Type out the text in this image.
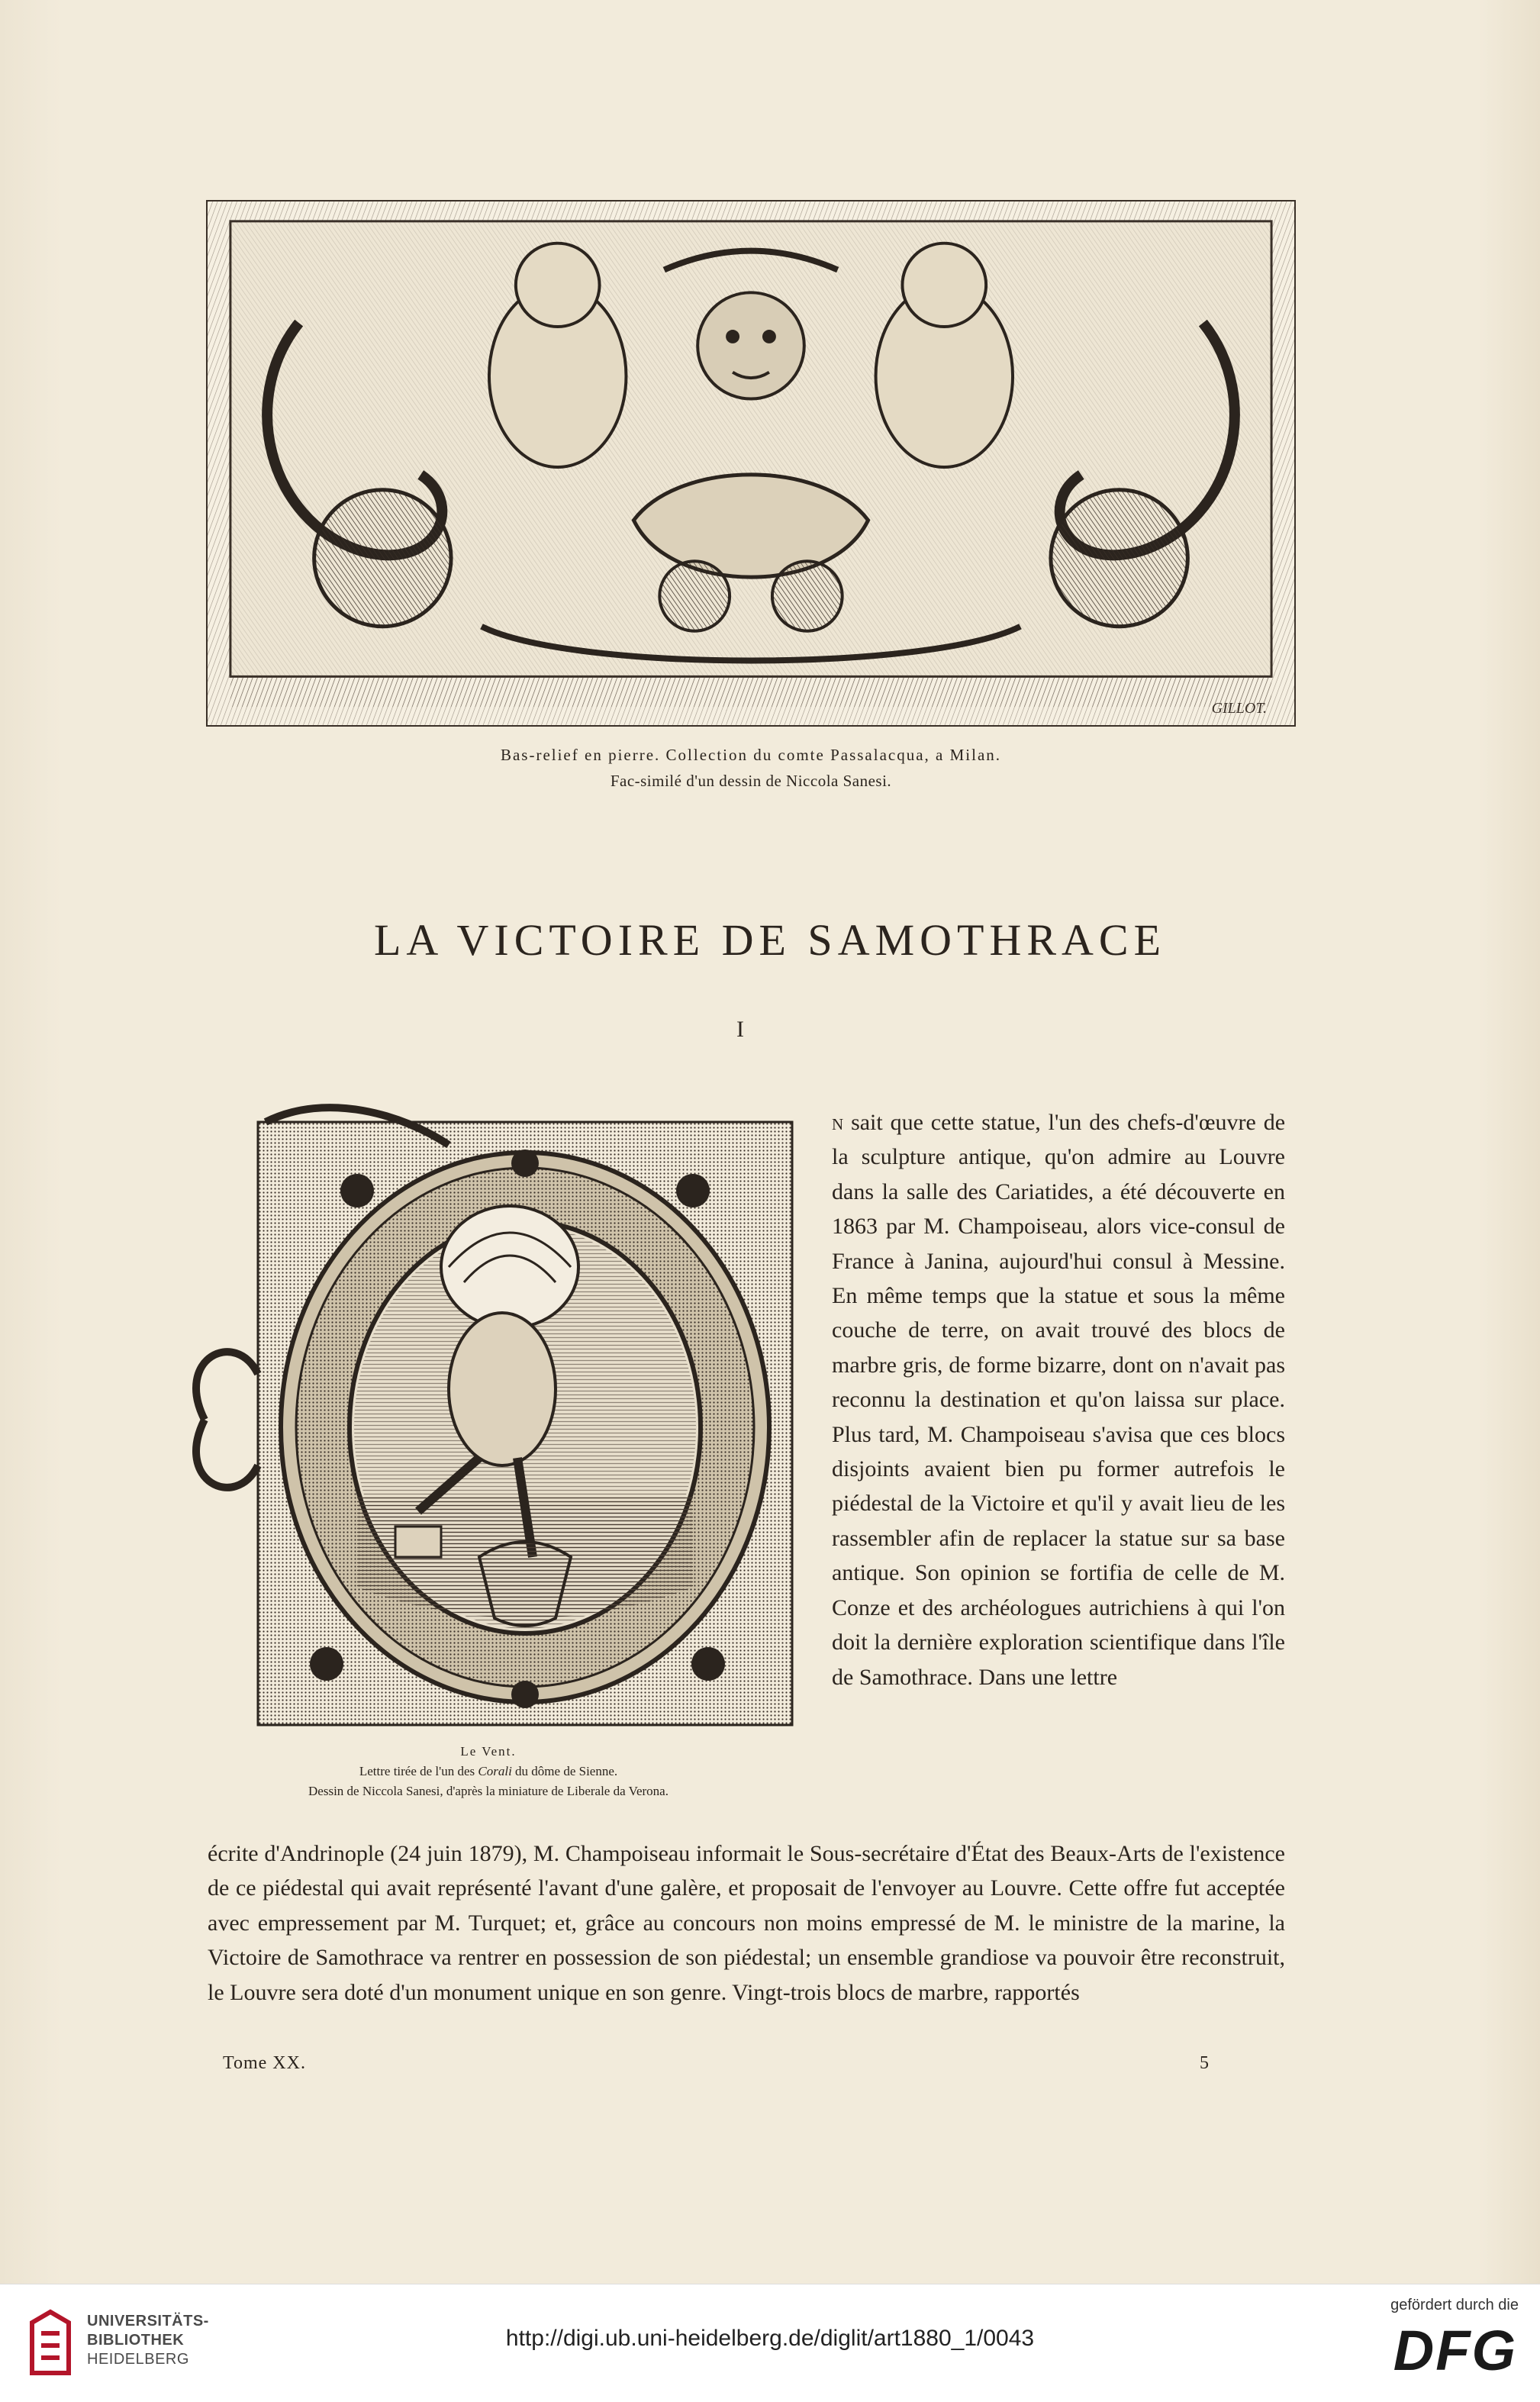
GILLOT.
Bas-relief en pierre. Collection du comte Passalacqua, a Milan.
Fac-similé d'un dessin de Niccola Sanesi.
LA VICTOIRE DE SAMOTHRACE
I
Le Vent.
Lettre tirée de l'un des Corali du dôme de Sienne.
Dessin de Niccola Sanesi, d'après la miniature de Liberale da Verona.

n sait que cette statue, l'un des chefs-d'œuvre de la sculpture antique, qu'on admire au Louvre dans la salle des Cariatides, a été découverte en 1863 par M. Champoiseau, alors vice-consul de France à Janina, aujourd'hui consul à Messine. En même temps que la statue et sous la même couche de terre, on avait trouvé des blocs de marbre gris, de forme bizarre, dont on n'avait pas reconnu la destination et qu'on laissa sur place. Plus tard, M. Champoiseau s'avisa que ces blocs disjoints avaient bien pu former autrefois le piédestal de la Victoire et qu'il y avait lieu de les rassembler afin de replacer la statue sur sa base antique. Son opinion se fortifia de celle de M. Conze et des archéologues autrichiens à qui l'on doit la dernière exploration scientifique dans l'île de Samothrace. Dans une lettre

écrite d'Andrinople (24 juin 1879), M. Champoiseau informait le Sous-secrétaire d'État des Beaux-Arts de l'existence de ce piédestal qui avait représenté l'avant d'une galère, et proposait de l'envoyer au Louvre. Cette offre fut acceptée avec empressement par M. Turquet; et, grâce au concours non moins empressé de M. le ministre de la marine, la Victoire de Samothrace va rentrer en possession de son piédestal; un ensemble grandiose va pouvoir être reconstruit, le Louvre sera doté d'un monument unique en son genre. Vingt-trois blocs de marbre, rapportés

Tome XX.	5
UNIVERSITÄTS-
BIBLIOTHEK
HEIDELBERG
http://digi.ub.uni-heidelberg.de/diglit/art1880_1/0043
gefördert durch die
DFG
